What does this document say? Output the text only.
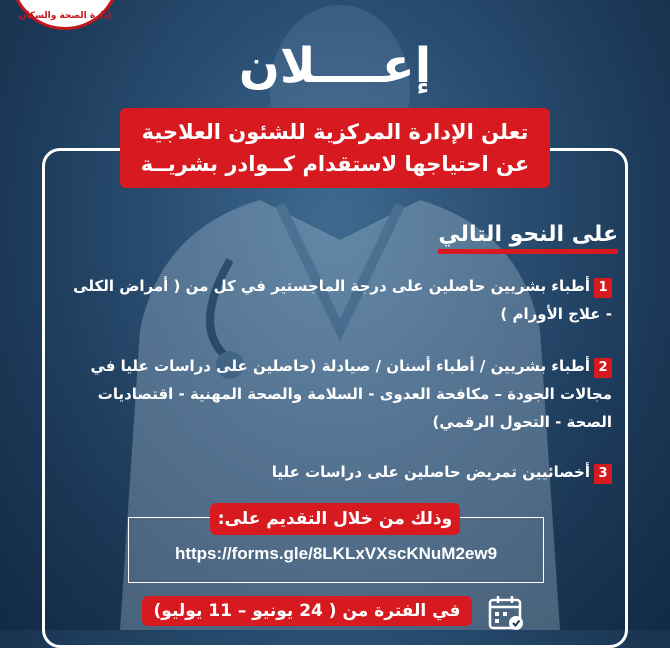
إدارة الصحة والسكان
إعــــلان
تعلن الإدارة المركزية للشئون العلاجية
عن احتياجها لاستقدام كــوادر بشريــة
على النحو التالي
1أطباء بشريين حاصلين على درجة الماجستير في كل من ( أمراض الكلى - علاج الأورام )
2أطباء بشريين / أطباء أسنان / صيادلة (حاصلين على دراسات عليا في مجالات الجودة – مكافحة العدوى - السلامة والصحة المهنية - اقتصاديات الصحة - التحول الرقمي)
3أخصائيين تمريض حاصلين على دراسات عليا
وذلك من خلال التقديم على:
https://forms.gle/8LKLxVXscKNuM2ew9
في الفترة من ( 24 يونيو – 11 يوليو)
